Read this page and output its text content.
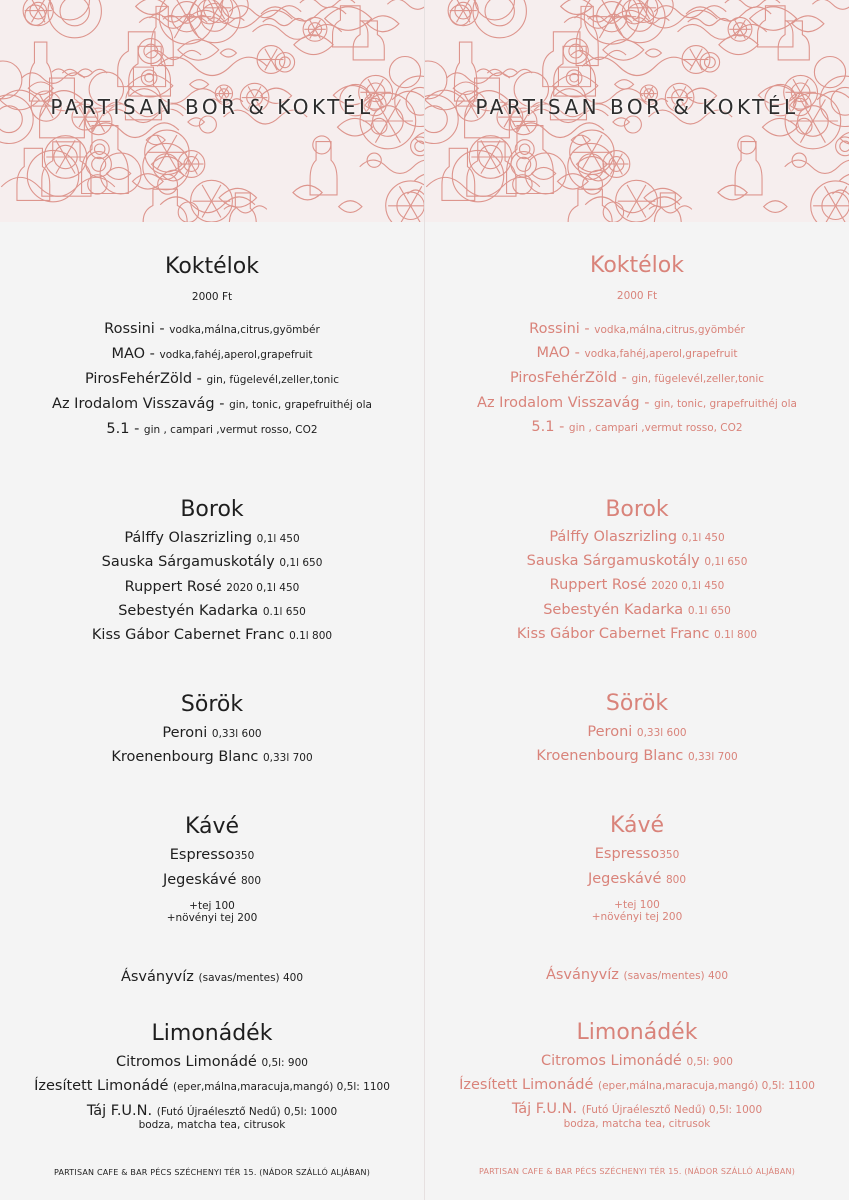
PARTISAN BOR & KOKTÉL
Koktélok
2000 Ft
Rossini - vodka,málna,citrus,gyömbér
MAO - vodka,fahéj,aperol,grapefruit
PirosFehérZöld - gin, fügelevél,zeller,tonic
Az Irodalom Visszavág - gin, tonic, grapefruithéj ola
5.1 - gin , campari ,vermut rosso, CO2
Borok
Pálffy Olaszrizling 0,1l 450
Sauska Sárgamuskotály 0,1l 650
Ruppert Rosé 2020 0,1l 450
Sebestyén Kadarka 0.1l 650
Kiss Gábor Cabernet Franc 0.1l 800
Sörök
Peroni 0,33l 600
Kroenenbourg Blanc 0,33l 700
Kávé
Espresso350
Jegeskávé 800
+tej 100
+növényi tej 200
Ásványvíz (savas/mentes) 400
Limonádék
Citromos Limonádé 0,5l: 900
Ízesített Limonádé (eper,málna,maracuja,mangó) 0,5l: 1100
Táj F.U.N. (Futó Újraélesztő Nedű) 0,5l: 1000
bodza, matcha tea, citrusok
PARTISAN CAFE & BAR PÉCS SZÉCHENYI TÉR 15. (NÁDOR SZÁLLÓ ALJÁBAN)
PARTISAN BOR & KOKTÉL
Koktélok
2000 Ft
Rossini - vodka,málna,citrus,gyömbér
MAO - vodka,fahéj,aperol,grapefruit
PirosFehérZöld - gin, fügelevél,zeller,tonic
Az Irodalom Visszavág - gin, tonic, grapefruithéj ola
5.1 - gin , campari ,vermut rosso, CO2
Borok
Pálffy Olaszrizling 0,1l 450
Sauska Sárgamuskotály 0,1l 650
Ruppert Rosé 2020 0,1l 450
Sebestyén Kadarka 0.1l 650
Kiss Gábor Cabernet Franc 0.1l 800
Sörök
Peroni 0,33l 600
Kroenenbourg Blanc 0,33l 700
Kávé
Espresso350
Jegeskávé 800
+tej 100
+növényi tej 200
Ásványvíz (savas/mentes) 400
Limonádék
Citromos Limonádé 0,5l: 900
Ízesített Limonádé (eper,málna,maracuja,mangó) 0,5l: 1100
Táj F.U.N. (Futó Újraélesztő Nedű) 0,5l: 1000
bodza, matcha tea, citrusok
PARTISAN CAFE & BAR PÉCS SZÉCHENYI TÉR 15. (NÁDOR SZÁLLÓ ALJÁBAN)
